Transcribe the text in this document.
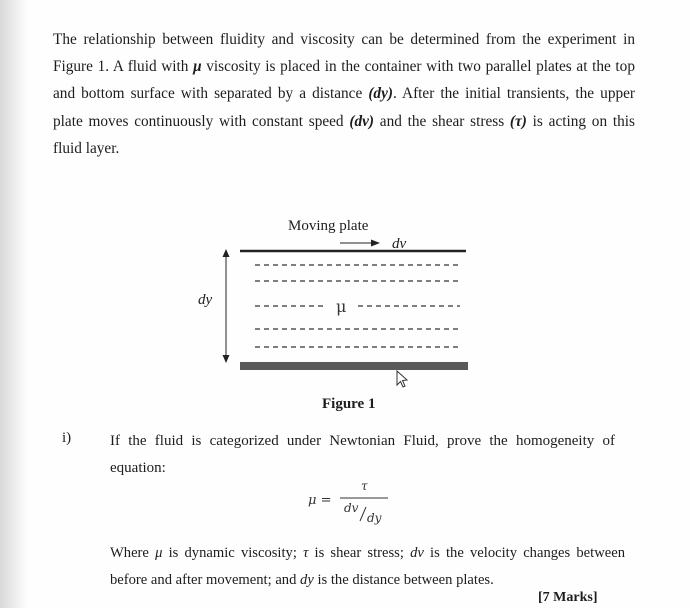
The relationship between fluidity and viscosity can be determined from the experiment in Figure 1. A fluid with μ viscosity is placed in the container with two parallel plates at the top and bottom surface with separated by a distance (dy). After the initial transients, the upper plate moves continuously with constant speed (dv) and the shear stress (τ) is acting on this fluid layer.

Moving plate
dv
μ
dy
Figure 1
i)	If the fluid is categorized under Newtonian Fluid, prove the homogeneity of equation:

μ =
τ
dv
dy

Where μ is dynamic viscosity; τ is shear stress; dv is the velocity changes between before and after movement; and dy is the distance between plates.

[7 Marks]
